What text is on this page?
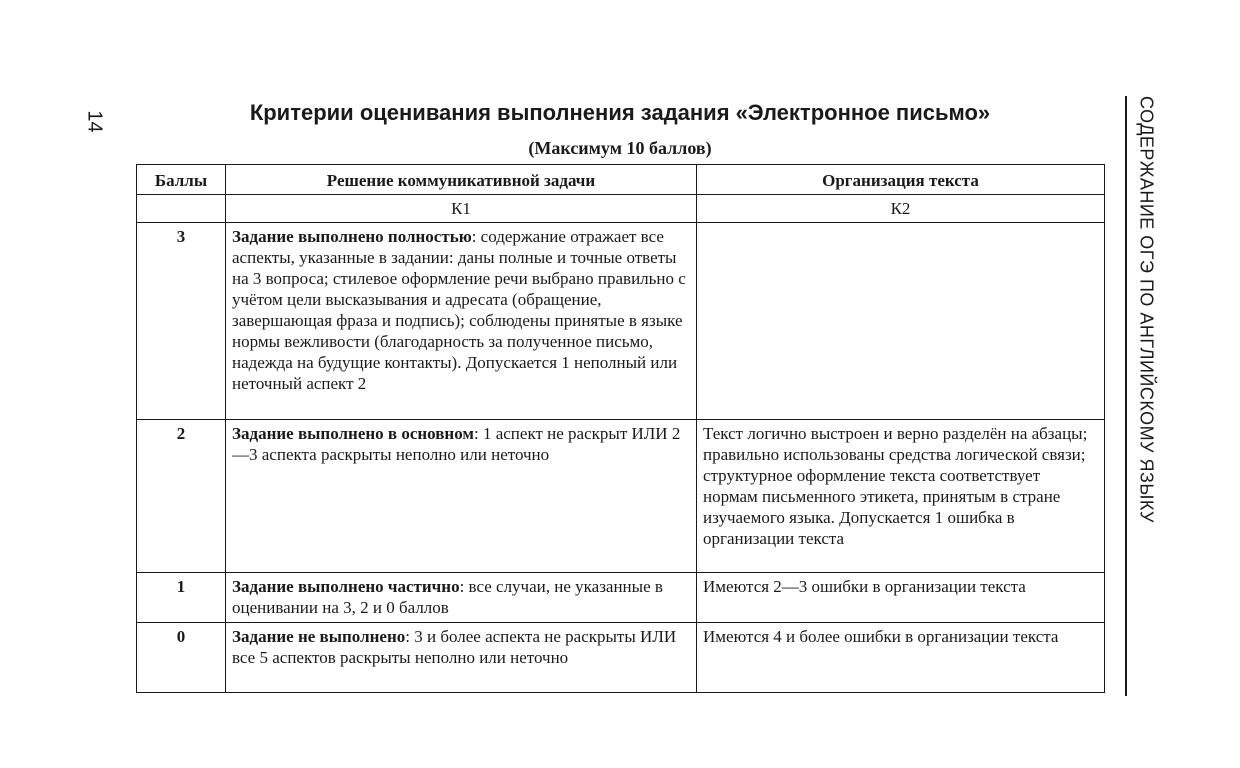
14	СОДЕРЖАНИЕ ОГЭ ПО АНГЛИЙСКОМУ ЯЗЫКУ
Критерии оценивания выполнения задания «Электронное письмо»
(Максимум 10 баллов)
Баллы	Решение коммуникативной задачи	Организация текста
	К1	К2
3	Задание выполнено полностью: содержание отражает все аспекты, указанные в задании: даны полные и точные ответы на 3 вопроса; стилевое оформление речи выбрано правильно с учётом цели высказывания и адресата (обращение, завершающая фраза и подпись); соблюдены принятые в языке нормы вежливости (благодарность за полученное письмо, надежда на будущие контакты). Допускается 1 неполный или неточный аспект 2	
2	Задание выполнено в основном: 1 аспект не раскрыт ИЛИ 2—3 аспекта раскрыты неполно или неточно	Текст логично выстроен и верно разделён на абзацы; правильно использованы средства логической связи; структурное оформление текста соответствует нормам письменного этикета, принятым в стране изучаемого языка. Допускается 1 ошибка в организации текста
1	Задание выполнено частично: все случаи, не указанные в оценивании на 3, 2 и 0 баллов	Имеются 2—3 ошибки в организации текста
0	Задание не выполнено: 3 и более аспекта не раскрыты ИЛИ все 5 аспектов раскрыты неполно или неточно	Имеются 4 и более ошибки в организации текста
